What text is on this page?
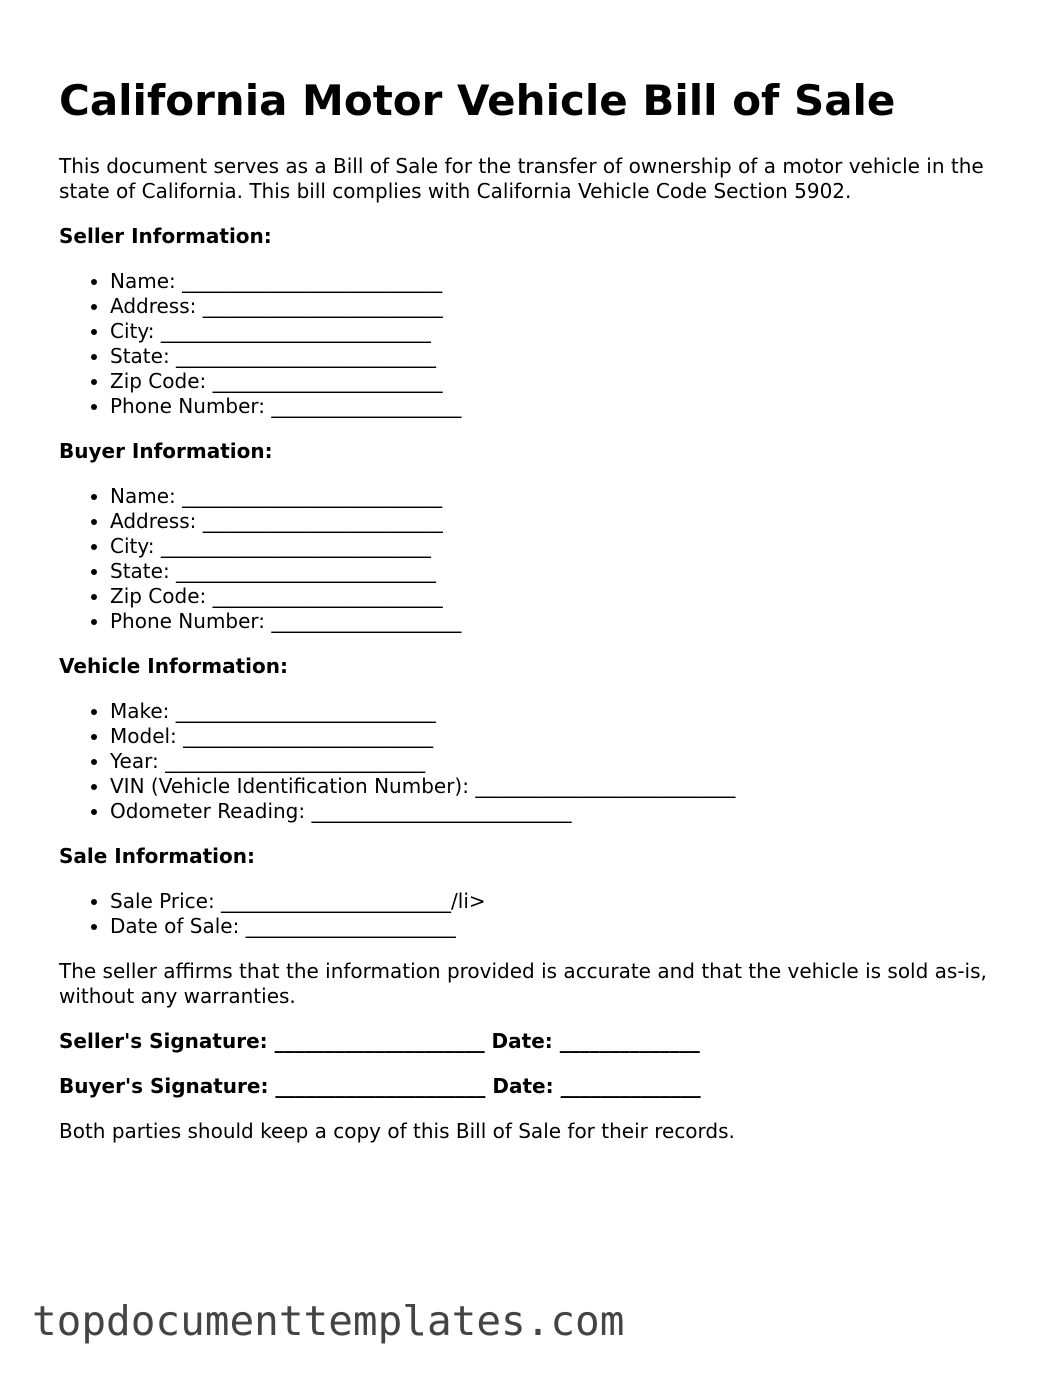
California Motor Vehicle Bill of Sale

This document serves as a Bill of Sale for the transfer of ownership of a motor vehicle in the state of California. This bill complies with California Vehicle Code Section 5902.

Seller Information:

• Name: __________________________
• Address: ________________________
• City: ___________________________
• State: __________________________
• Zip Code: _______________________
• Phone Number: ___________________

Buyer Information:

• Name: __________________________
• Address: ________________________
• City: ___________________________
• State: __________________________
• Zip Code: _______________________
• Phone Number: ___________________

Vehicle Information:

• Make: __________________________
• Model: _________________________
• Year: __________________________
• VIN (Vehicle Identification Number): __________________________
• Odometer Reading: __________________________

Sale Information:

• Sale Price: _______________________/li>
• Date of Sale: _____________________

The seller affirms that the information provided is accurate and that the vehicle is sold as-is, without any warranties.

Seller's Signature: _____________________ Date: ______________

Buyer's Signature: _____________________ Date: ______________

Both parties should keep a copy of this Bill of Sale for their records.

topdocumenttemplates.com
